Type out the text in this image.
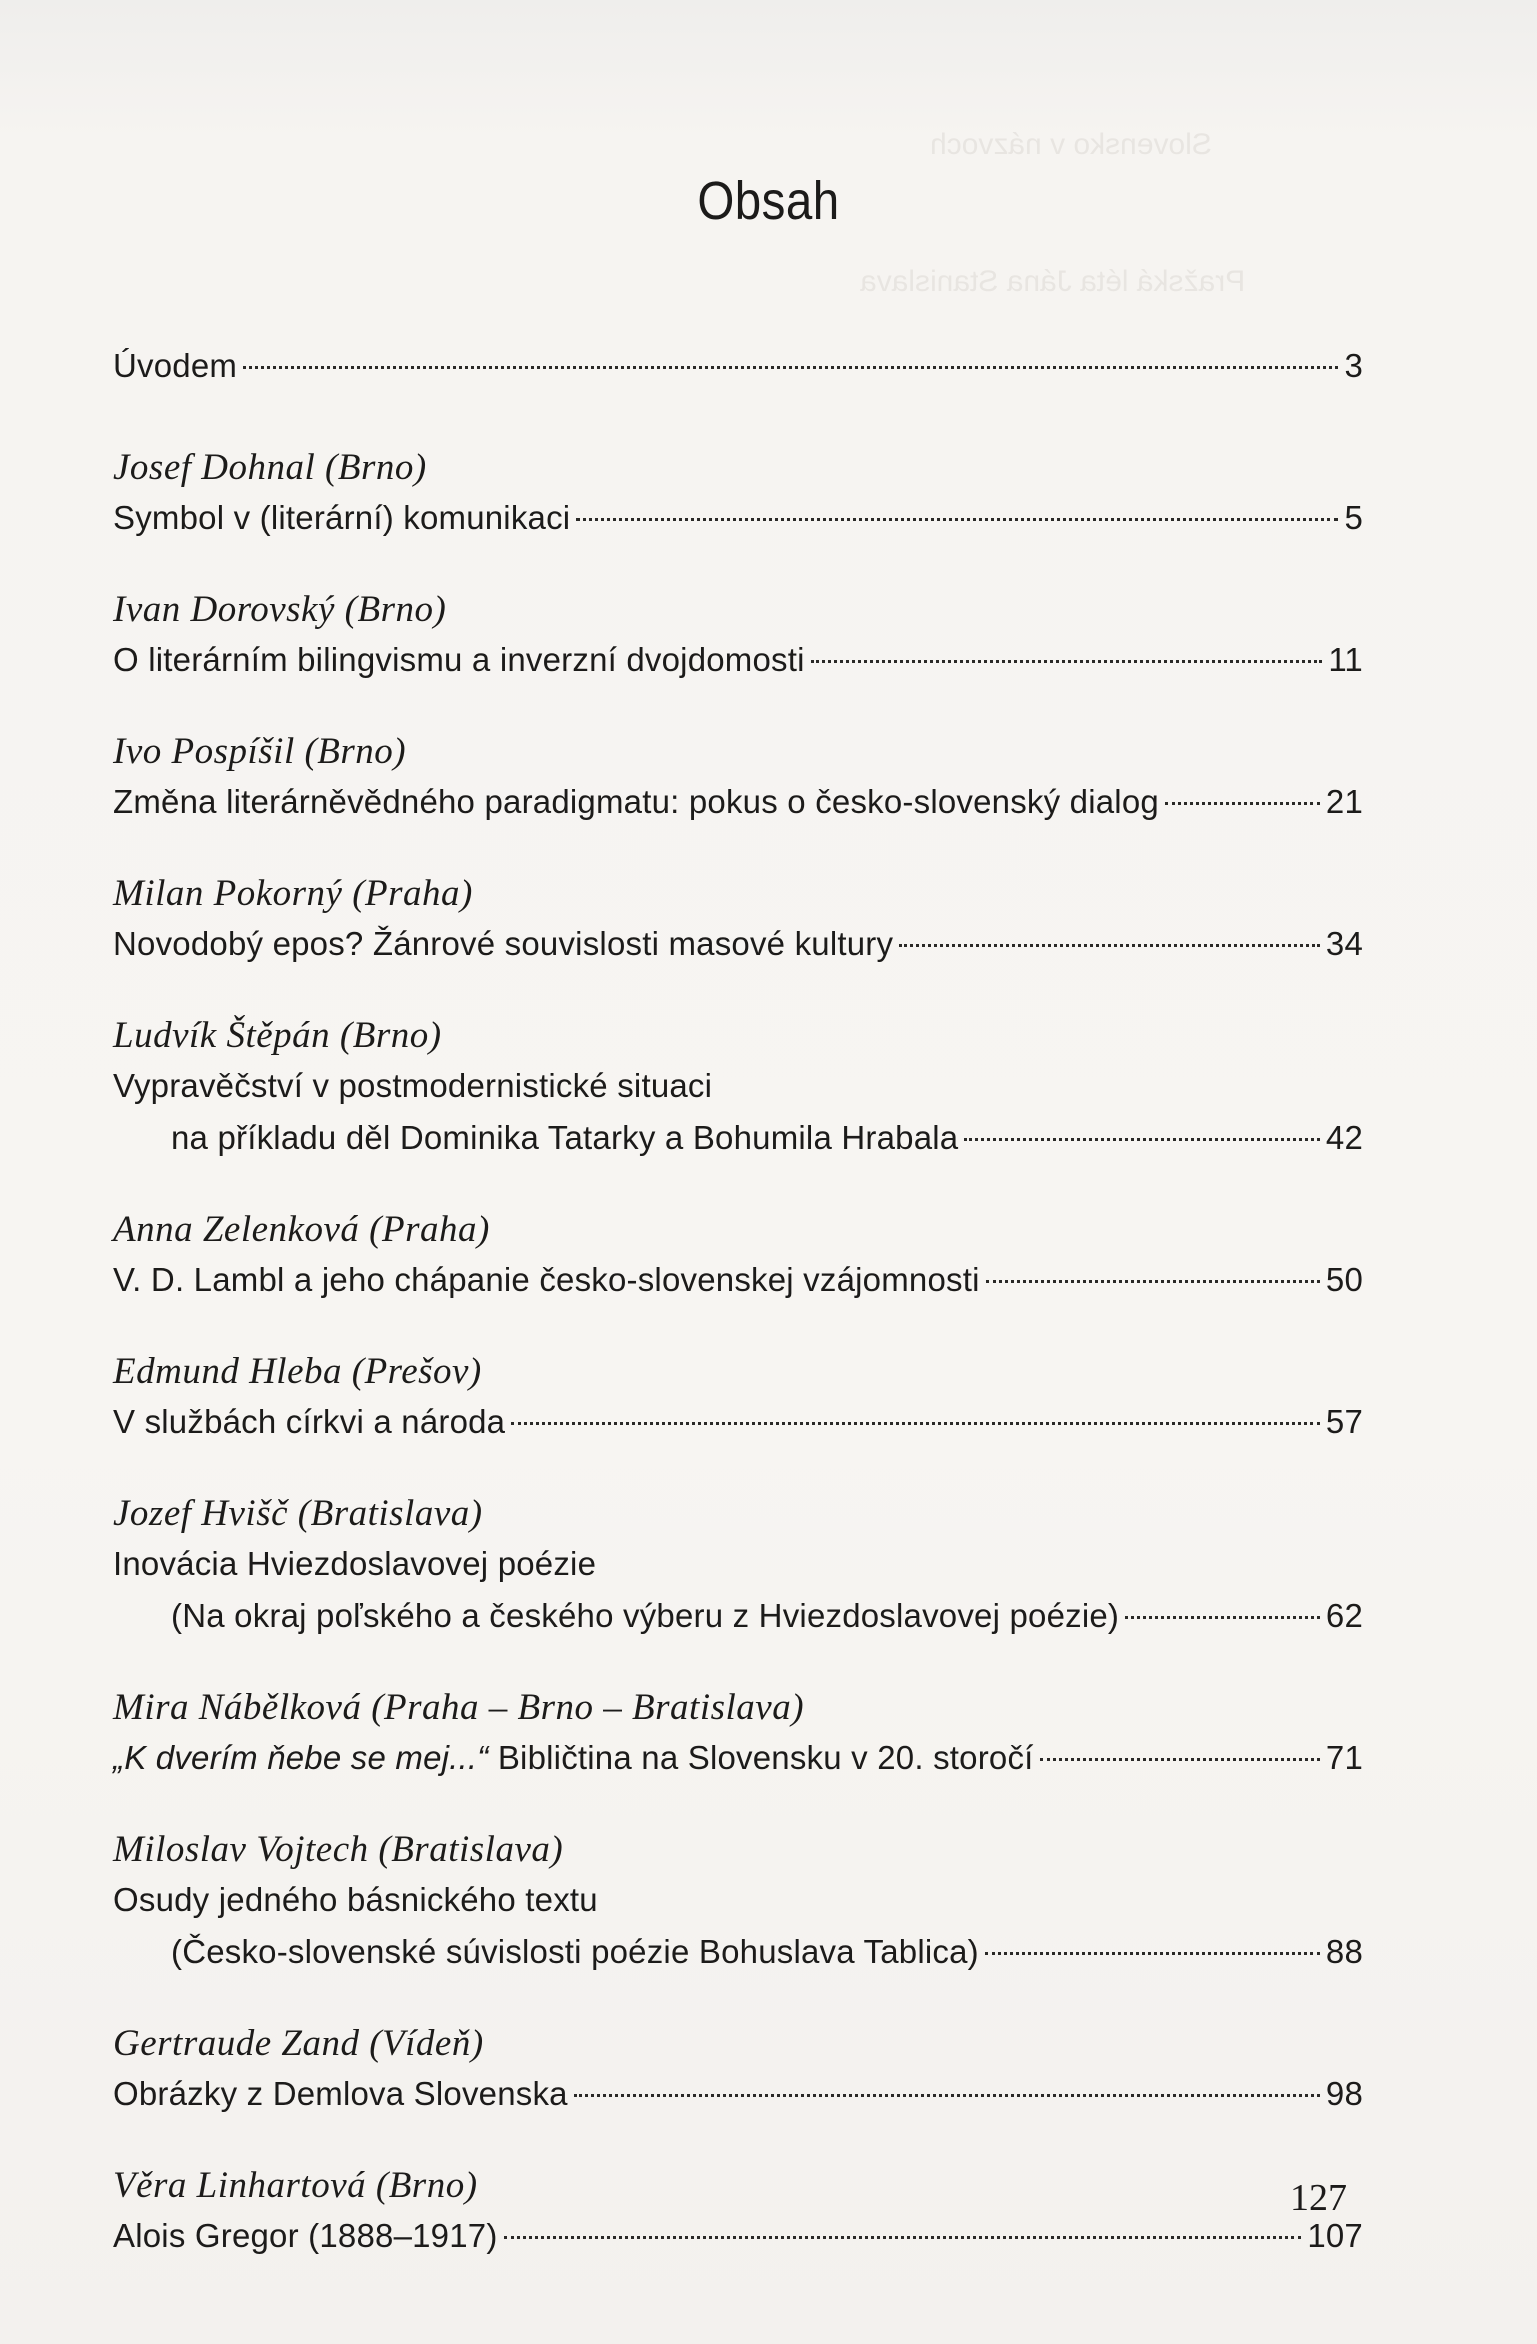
Slovensko v názvoch
Pražská léta Jána Stanislava
Obsah
Úvodem	3
Josef Dohnal (Brno)
Symbol v (literární) komunikaci	5
Ivan Dorovský (Brno)
O literárním bilingvismu a inverzní dvojdomosti	11
Ivo Pospíšil (Brno)
Změna literárněvědného paradigmatu: pokus o česko-slovenský dialog	21
Milan Pokorný (Praha)
Novodobý epos? Žánrové souvislosti masové kultury	34
Ludvík Štěpán (Brno)
Vypravěčství v postmodernistické situaci
na příkladu děl Dominika Tatarky a Bohumila Hrabala	42
Anna Zelenková (Praha)
V. D. Lambl a jeho chápanie česko-slovenskej vzájomnosti	50
Edmund Hleba (Prešov)
V službách církvi a národa	57
Jozef Hvišč (Bratislava)
Inovácia Hviezdoslavovej poézie
(Na okraj poľského a českého výberu z Hviezdoslavovej poézie)	62
Mira Nábělková (Praha – Brno – Bratislava)
„K dverím ňebe se mej...“ Bibličtina na Slovensku v 20. storočí	71
Miloslav Vojtech (Bratislava)
Osudy jedného básnického textu
(Česko-slovenské súvislosti poézie Bohuslava Tablica)	88
Gertraude Zand (Vídeň)
Obrázky z Demlova Slovenska	98
Věra Linhartová (Brno)
Alois Gregor (1888–1917)	107
127
